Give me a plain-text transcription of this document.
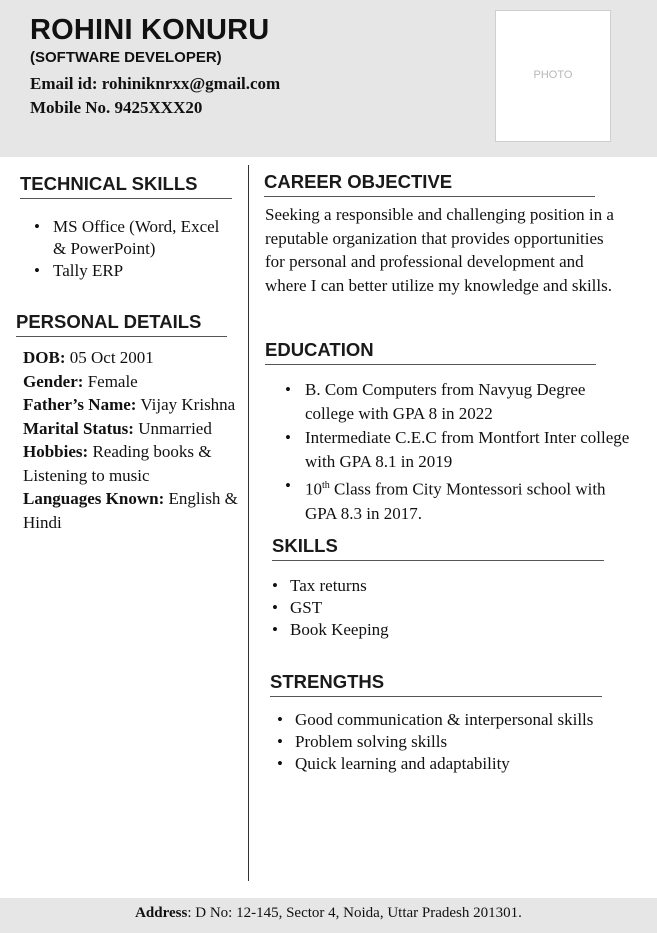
ROHINI KONURU
(SOFTWARE DEVELOPER)
Email id: rohiniknrxx@gmail.com
Mobile No. 9425XXX20
PHOTO
TECHNICAL SKILLS
• MS Office (Word, Excel & PowerPoint)
• Tally ERP
PERSONAL DETAILS
DOB: 05 Oct 2001
Gender: Female
Father’s Name: Vijay Krishna
Marital Status: Unmarried
Hobbies: Reading books & Listening to music
Languages Known: English & Hindi
CAREER OBJECTIVE
Seeking a responsible and challenging position in a reputable organization that provides opportunities for personal and professional development and where I can better utilize my knowledge and skills.
EDUCATION
• B. Com Computers from Navyug Degree college with GPA 8 in 2022
• Intermediate C.E.C from Montfort Inter college with GPA 8.1 in 2019
• 10th Class from City Montessori school with GPA 8.3 in 2017.
SKILLS
• Tax returns
• GST
• Book Keeping
STRENGTHS
• Good communication & interpersonal skills
• Problem solving skills
• Quick learning and adaptability
Address: D No: 12-145, Sector 4, Noida, Uttar Pradesh 201301.
